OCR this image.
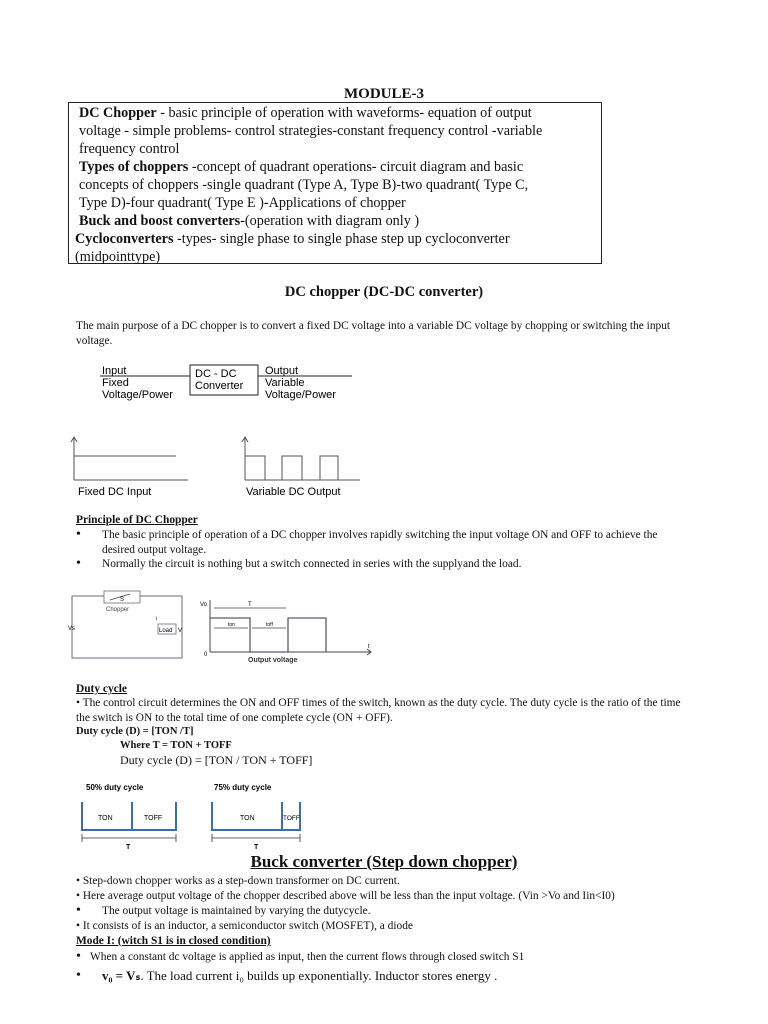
MODULE-3
DC Chopper - basic principle of operation with waveforms- equation of output
voltage - simple problems- control strategies-constant frequency control -variable
frequency control
Types of choppers -concept of quadrant operations- circuit diagram and basic
concepts of choppers -single quadrant (Type A, Type B)-two quadrant( Type C,
Type D)-four quadrant( Type E )-Applications of chopper
Buck and boost converters-(operation with diagram only )
Cycloconverters -types- single phase to single phase step up cycloconverter
(midpointtype)
DC chopper (DC-DC converter)
The main purpose of a DC chopper is to convert a fixed DC voltage into a variable DC voltage by chopping or switching the input voltage.
Input
Fixed
Voltage/Power
DC - DC
Converter
Output
Variable
Voltage/Power
Fixed DC Input	Variable DC Output
Principle of DC Chopper
• The basic principle of operation of a DC chopper involves rapidly switching the input voltage ON and OFF to achieve the desired output voltage.
• Normally the circuit is nothing but a switch connected in series with the supplyand the load.
S
Chopper
Load
Vs	V
i
Vo	T
ton	toff
0
t
Output voltage
Duty cycle
• The control circuit determines the ON and OFF times of the switch, known as the duty cycle. The duty cycle is the ratio of the time the switch is ON to the total time of one complete cycle (ON + OFF).
Duty cycle (D) = [TON /T]
Where T = TON + TOFF
Duty cycle (D) = [TON / TON + TOFF]
50% duty cycle
TON	TOFF
T
75% duty cycle
TON	TOFF
T
Buck converter (Step down chopper)
• Step-down chopper works as a step-down transformer on DC current.
• Here average output voltage of the chopper described above will be less than the input voltage. (Vin >Vo and Iin<I0)
• The output voltage is maintained by varying the dutycycle.
• It consists of is an inductor, a semiconductor switch (MOSFET), a diode
Mode I: (witch S1 is in closed condition)
• When a constant dc voltage is applied as input, then the current flows through closed switch S1
• v₀ = Vₛ. The load current i₀ builds up exponentially. Inductor stores energy .
